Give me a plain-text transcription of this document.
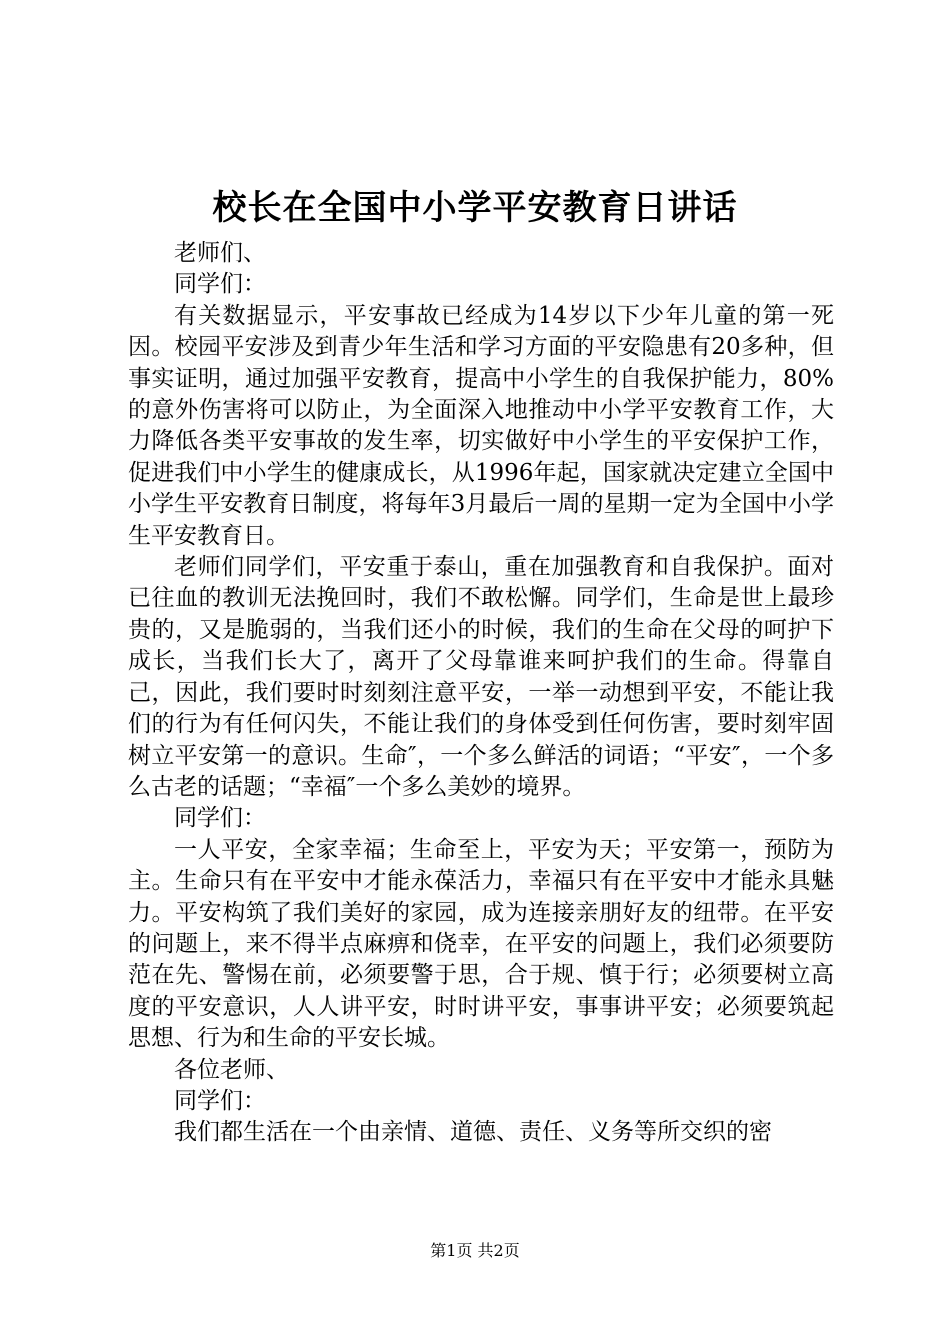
校长在全国中小学平安教育日讲话

老师们、

同学们：

有关数据显示，平安事故已经成为14岁以下少年儿童的第一死因。校园平安涉及到青少年生活和学习方面的平安隐患有20多种，但事实证明，通过加强平安教育，提高中小学生的自我保护能力，80%的意外伤害将可以防止，为全面深入地推动中小学平安教育工作，大力降低各类平安事故的发生率，切实做好中小学生的平安保护工作，促进我们中小学生的健康成长，从1996年起，国家就决定建立全国中小学生平安教育日制度，将每年3月最后一周的星期一定为全国中小学生平安教育日。

老师们同学们，平安重于泰山，重在加强教育和自我保护。面对已往血的教训无法挽回时，我们不敢松懈。同学们，生命是世上最珍贵的，又是脆弱的，当我们还小的时候，我们的生命在父母的呵护下成长，当我们长大了，离开了父母靠谁来呵护我们的生命。得靠自己，因此，我们要时时刻刻注意平安，一举一动想到平安，不能让我们的行为有任何闪失，不能让我们的身体受到任何伤害，要时刻牢固树立平安第一的意识。生命″，一个多么鲜活的词语；“平安″，一个多么古老的话题；“幸福″一个多么美妙的境界。

同学们：

一人平安，全家幸福；生命至上，平安为天；平安第一，预防为主。生命只有在平安中才能永葆活力，幸福只有在平安中才能永具魅力。平安构筑了我们美好的家园，成为连接亲朋好友的纽带。在平安的问题上，来不得半点麻痹和侥幸，在平安的问题上，我们必须要防范在先、警惕在前，必须要警于思，合于规、慎于行；必须要树立高度的平安意识，人人讲平安，时时讲平安，事事讲平安；必须要筑起思想、行为和生命的平安长城。

各位老师、

同学们：

我们都生活在一个由亲情、道德、责任、义务等所交织的密

第1页 共2页
